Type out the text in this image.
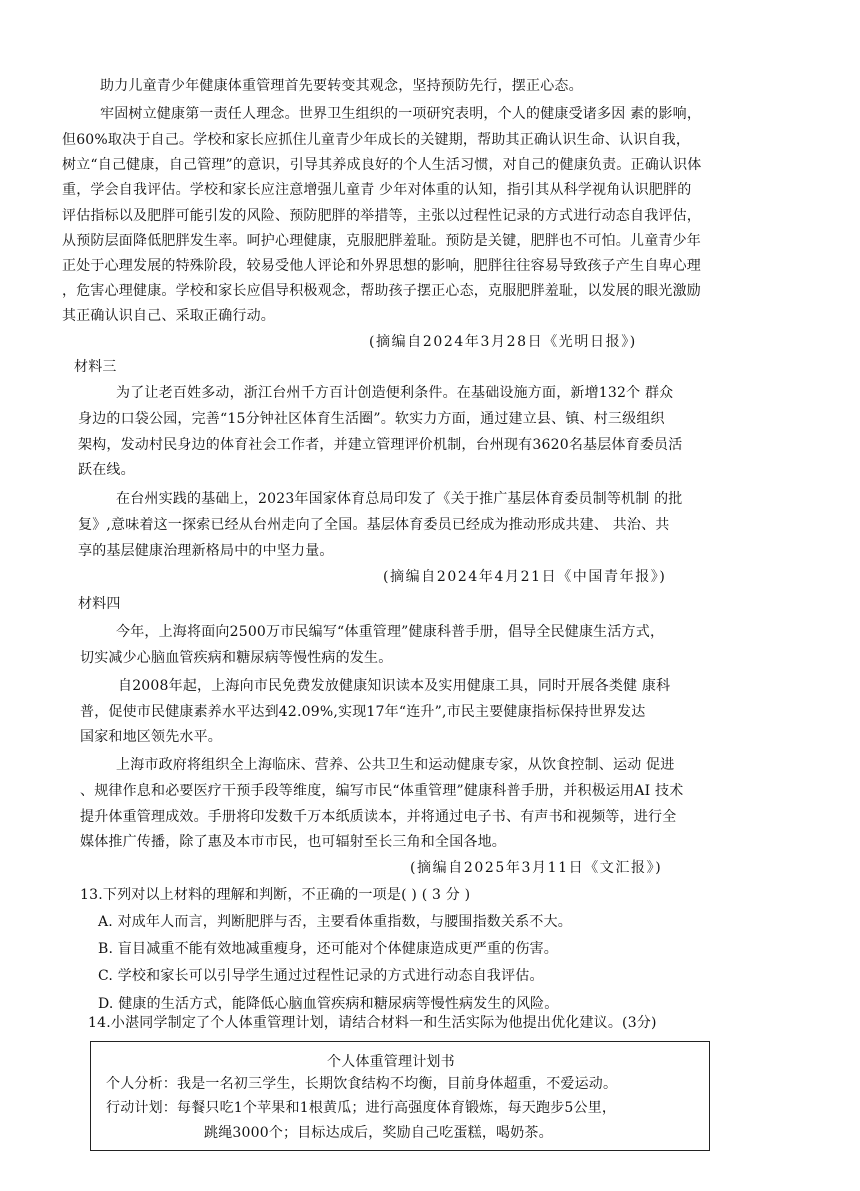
助力儿童青少年健康体重管理首先要转变其观念，坚持预防先行，摆正心态。
牢固树立健康第一责任人理念。世界卫生组织的一项研究表明，个人的健康受诸多因 素的影响，
但60%取决于自己。学校和家长应抓住儿童青少年成长的关键期，帮助其正确认识生命、认识自我，
树立“自己健康，自己管理”的意识，引导其养成良好的个人生活习惯，对自己的健康负责。正确认识体
重，学会自我评估。学校和家长应注意增强儿童青 少年对体重的认知，指引其从科学视角认识肥胖的
评估指标以及肥胖可能引发的风险、预防肥胖的举措等，主张以过程性记录的方式进行动态自我评估，
从预防层面降低肥胖发生率。呵护心理健康，克服肥胖羞耻。预防是关键，肥胖也不可怕。儿童青少年
正处于心理发展的特殊阶段，较易受他人评论和外界思想的影响，肥胖往往容易导致孩子产生自卑心理
，危害心理健康。学校和家长应倡导积极观念，帮助孩子摆正心态，克服肥胖羞耻，以发展的眼光激励
其正确认识自己、采取正确行动。
(摘编自2024年3月28日《光明日报》)
材料三
为了让老百姓多动，浙江台州千方百计创造便利条件。在基础设施方面，新增132个 群众
身边的口袋公园，完善“15分钟社区体育生活圈”。软实力方面，通过建立县、镇、村三级组织
架构，发动村民身边的体育社会工作者，并建立管理评价机制，台州现有3620名基层体育委员活
跃在线。
在台州实践的基础上，2023年国家体育总局印发了《关于推广基层体育委员制等机制 的批
复》,意味着这一探索已经从台州走向了全国。基层体育委员已经成为推动形成共建、 共治、共
享的基层健康治理新格局中的中坚力量。
(摘编自2024年4月21日《中国青年报》)
材料四
今年，上海将面向2500万市民编写“体重管理”健康科普手册，倡导全民健康生活方式，
切实减少心脑血管疾病和糖尿病等慢性病的发生。
自2008年起，上海向市民免费发放健康知识读本及实用健康工具，同时开展各类健 康科
普，促使市民健康素养水平达到42.09%,实现17年“连升”,市民主要健康指标保持世界发达
国家和地区领先水平。
上海市政府将组织全上海临床、营养、公共卫生和运动健康专家，从饮食控制、运动 促进
、规律作息和必要医疗干预手段等维度，编写市民“体重管理”健康科普手册，并积极运用AI 技术
提升体重管理成效。手册将印发数千万本纸质读本，并将通过电子书、有声书和视频等，进行全
媒体推广传播，除了惠及本市市民，也可辐射至长三角和全国各地。
(摘编自2025年3月11日《文汇报》)
13.下列对以上材料的理解和判断，不正确的一项是( ) ( 3 分 )
A. 对成年人而言，判断肥胖与否，主要看体重指数，与腰围指数关系不大。
B. 盲目减重不能有效地减重瘦身，还可能对个体健康造成更严重的伤害。
C. 学校和家长可以引导学生通过过程性记录的方式进行动态自我评估。
D. 健康的生活方式，能降低心脑血管疾病和糖尿病等慢性病发生的风险。
14.小湛同学制定了个人体重管理计划，请结合材料一和生活实际为他提出优化建议。(3分)
个人体重管理计划书
个人分析：我是一名初三学生，长期饮食结构不均衡，目前身体超重，不爱运动。
行动计划：每餐只吃1个苹果和1根黄瓜；进行高强度体育锻炼，每天跑步5公里，
跳绳3000个；目标达成后，奖励自己吃蛋糕，喝奶茶。
